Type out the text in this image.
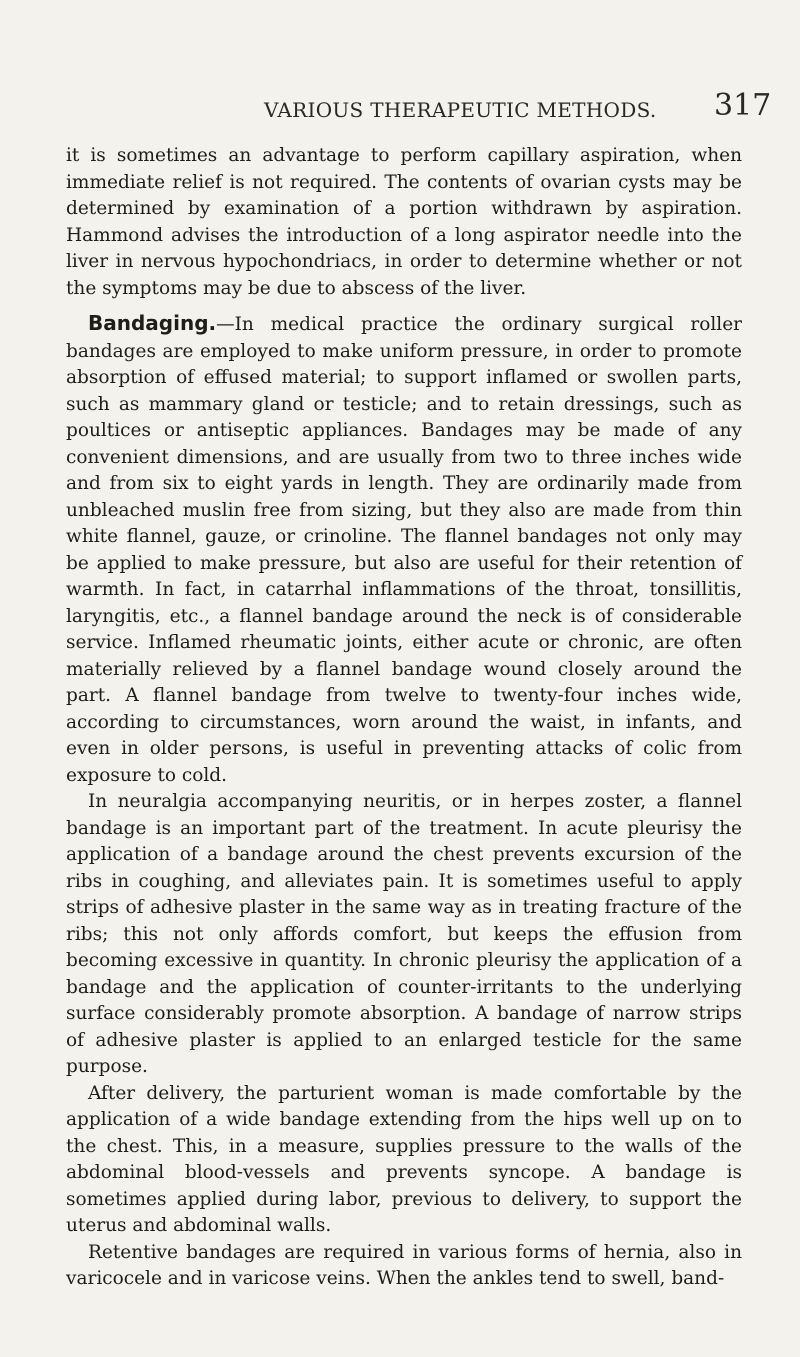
VARIOUS THERAPEUTIC METHODS. 317

it is sometimes an advantage to perform capillary aspiration, when immediate relief is not required. The contents of ovarian cysts may be determined by examination of a portion withdrawn by aspiration. Hammond advises the introduction of a long aspirator needle into the liver in nervous hypochondriacs, in order to determine whether or not the symptoms may be due to abscess of the liver.

Bandaging.—In medical practice the ordinary surgical roller bandages are employed to make uniform pressure, in order to promote absorption of effused material; to support inflamed or swollen parts, such as mammary gland or testicle; and to retain dressings, such as poultices or antiseptic appliances. Bandages may be made of any convenient dimensions, and are usually from two to three inches wide and from six to eight yards in length. They are ordinarily made from unbleached muslin free from sizing, but they also are made from thin white flannel, gauze, or crinoline. The flannel bandages not only may be applied to make pressure, but also are useful for their retention of warmth. In fact, in catarrhal inflammations of the throat, tonsillitis, laryngitis, etc., a flannel bandage around the neck is of considerable service. Inflamed rheumatic joints, either acute or chronic, are often materially relieved by a flannel bandage wound closely around the part. A flannel bandage from twelve to twenty-four inches wide, according to circumstances, worn around the waist, in infants, and even in older persons, is useful in preventing attacks of colic from exposure to cold.

In neuralgia accompanying neuritis, or in herpes zoster, a flannel bandage is an important part of the treatment. In acute pleurisy the application of a bandage around the chest prevents excursion of the ribs in coughing, and alleviates pain. It is sometimes useful to apply strips of adhesive plaster in the same way as in treating fracture of the ribs; this not only affords comfort, but keeps the effusion from becoming excessive in quantity. In chronic pleurisy the application of a bandage and the application of counter-irritants to the underlying surface considerably promote absorption. A bandage of narrow strips of adhesive plaster is applied to an enlarged testicle for the same purpose.

After delivery, the parturient woman is made comfortable by the application of a wide bandage extending from the hips well up on to the chest. This, in a measure, supplies pressure to the walls of the abdominal blood-vessels and prevents syncope. A bandage is sometimes applied during labor, previous to delivery, to support the uterus and abdominal walls.

Retentive bandages are required in various forms of hernia, also in varicocele and in varicose veins. When the ankles tend to swell, band-
